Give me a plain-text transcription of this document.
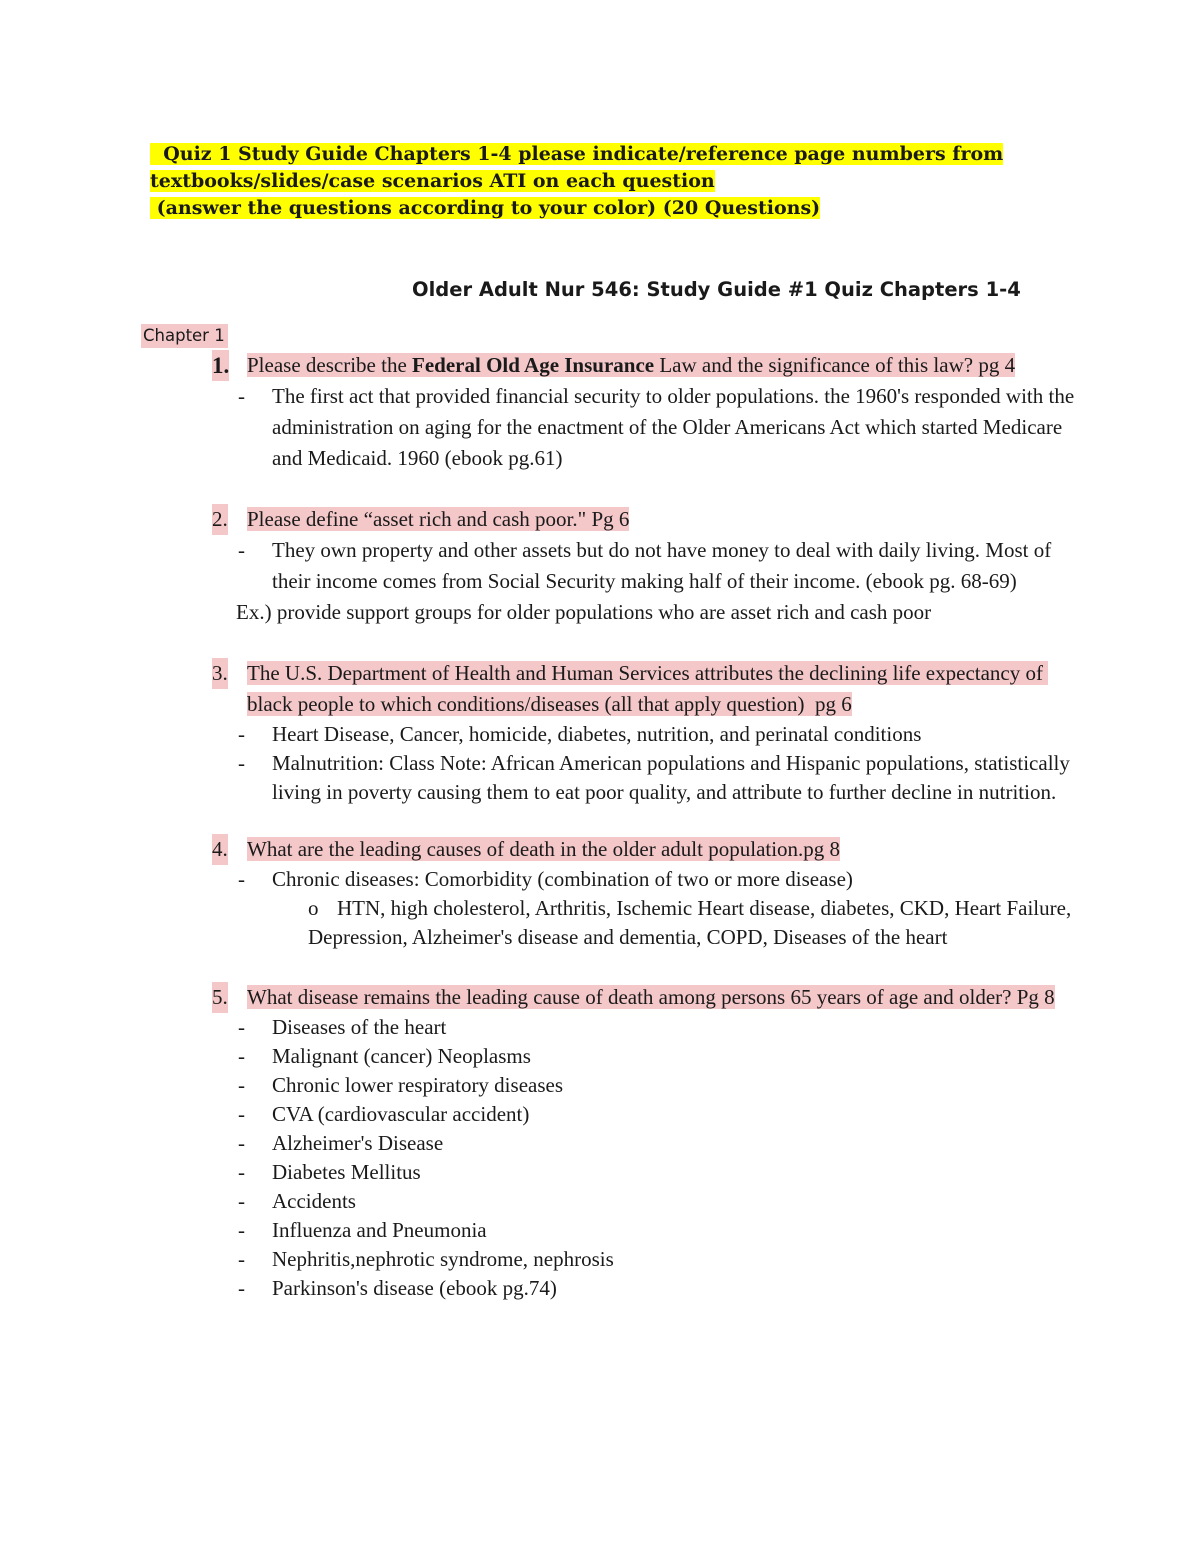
Quiz 1 Study Guide Chapters 1-4 please indicate/reference page numbers from
textbooks/slides/case scenarios ATI on each question
(answer the questions according to your color) (20 Questions)
Older Adult Nur 546: Study Guide #1 Quiz Chapters 1-4
Chapter 1
1. Please describe the Federal Old Age Insurance Law and the significance of this law? pg 4
- The first act that provided financial security to older populations. the 1960's responded with the administration on aging for the enactment of the Older Americans Act which started Medicare and Medicaid. 1960 (ebook pg.61)
2. Please define “asset rich and cash poor." Pg 6
- They own property and other assets but do not have money to deal with daily living. Most of their income comes from Social Security making half of their income. (ebook pg. 68-69)
Ex.) provide support groups for older populations who are asset rich and cash poor
3. The U.S. Department of Health and Human Services attributes the declining life expectancy of black people to which conditions/diseases (all that apply question)  pg 6
- Heart Disease, Cancer, homicide, diabetes, nutrition, and perinatal conditions
- Malnutrition: Class Note: African American populations and Hispanic populations, statistically living in poverty causing them to eat poor quality, and attribute to further decline in nutrition.
4. What are the leading causes of death in the older adult population.pg 8
- Chronic diseases: Comorbidity (combination of two or more disease)
o HTN, high cholesterol, Arthritis, Ischemic Heart disease, diabetes, CKD, Heart Failure, Depression, Alzheimer's disease and dementia, COPD, Diseases of the heart
5. What disease remains the leading cause of death among persons 65 years of age and older? Pg 8
- Diseases of the heart
- Malignant (cancer) Neoplasms
- Chronic lower respiratory diseases
- CVA (cardiovascular accident)
- Alzheimer's Disease
- Diabetes Mellitus
- Accidents
- Influenza and Pneumonia
- Nephritis,nephrotic syndrome, nephrosis
- Parkinson's disease (ebook pg.74)
